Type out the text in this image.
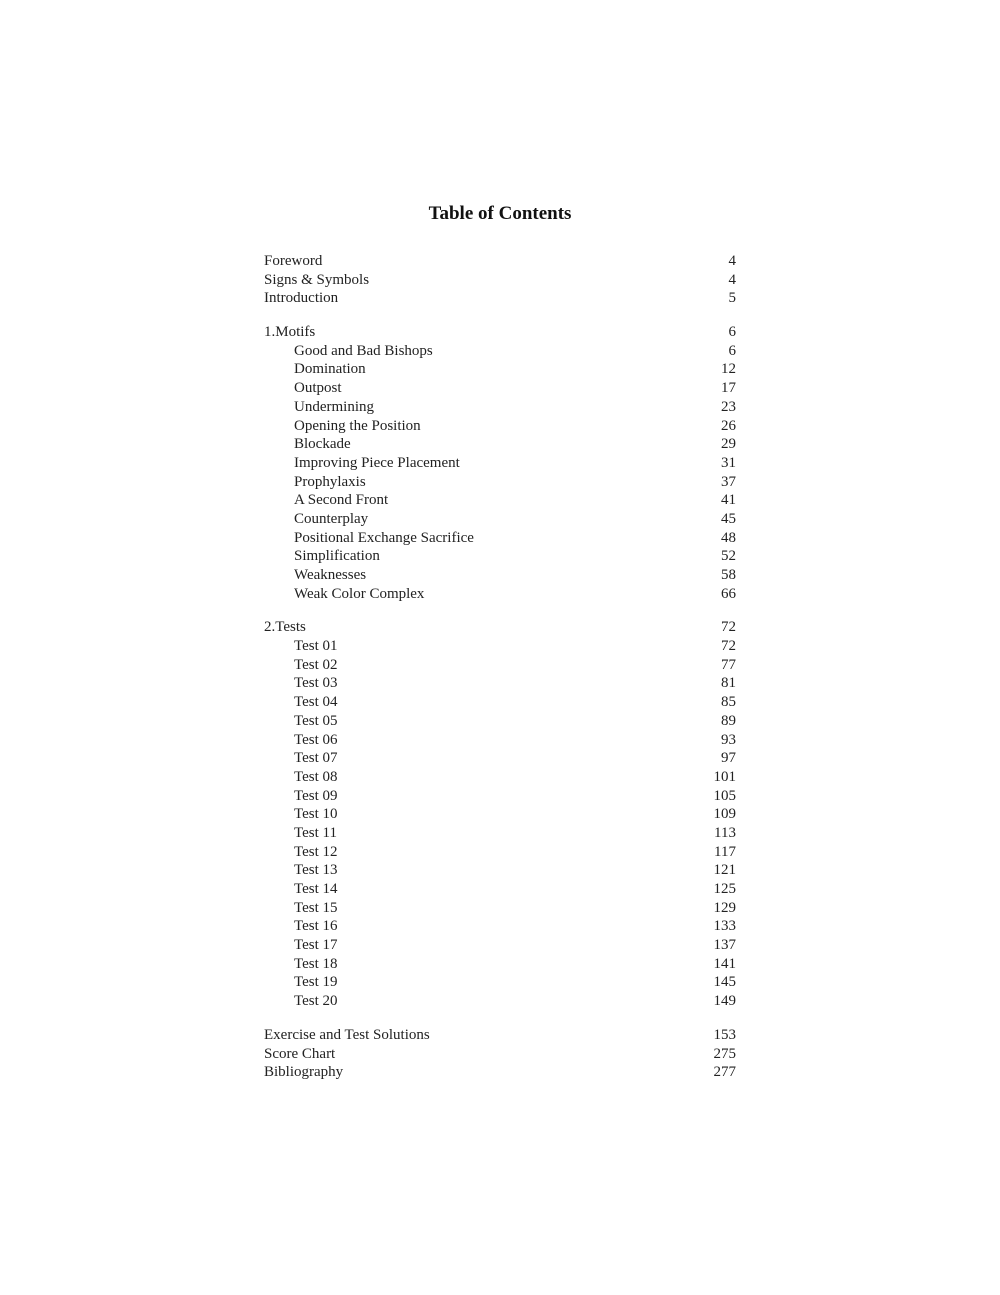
Table of Contents
Foreword	4
Signs & Symbols	4
Introduction	5
1.Motifs	6
Good and Bad Bishops	6
Domination	12
Outpost	17
Undermining	23
Opening the Position	26
Blockade	29
Improving Piece Placement	31
Prophylaxis	37
A Second Front	41
Counterplay	45
Positional Exchange Sacrifice	48
Simplification	52
Weaknesses	58
Weak Color Complex	66
2.Tests	72
Test 01	72
Test 02	77
Test 03	81
Test 04	85
Test 05	89
Test 06	93
Test 07	97
Test 08	101
Test 09	105
Test 10	109
Test 11	113
Test 12	117
Test 13	121
Test 14	125
Test 15	129
Test 16	133
Test 17	137
Test 18	141
Test 19	145
Test 20	149
Exercise and Test Solutions	153
Score Chart	275
Bibliography	277
